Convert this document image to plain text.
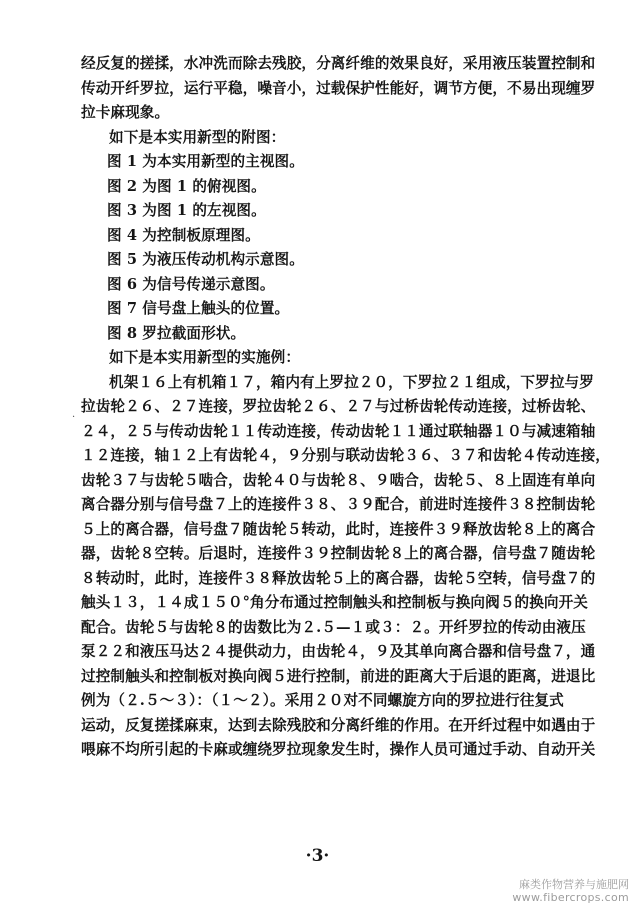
经反复的搓揉，水冲洗而除去残胶，分离纤维的效果良好，采用液压装置控制和
传动开纤罗拉，运行平稳，噪音小，过载保护性能好，调节方便，不易出现缠罗
拉卡麻现象。
如下是本实用新型的附图：
图 1 为本实用新型的主视图。
图 2 为图 1 的俯视图。
图 3 为图 1 的左视图。
图 4 为控制板原理图。
图 5 为液压传动机构示意图。
图 6 为信号传递示意图。
图 7 信号盘上触头的位置。
图 8 罗拉截面形状。
如下是本实用新型的实施例：
机架１６上有机箱１７，箱内有上罗拉２０，下罗拉２１组成，下罗拉与罗
拉齿轮２６、２７连接，罗拉齿轮２６、２７与过桥齿轮传动连接，过桥齿轮、
２４，２５与传动齿轮１１传动连接，传动齿轮１１通过联轴器１０与减速箱轴
１２连接，轴１２上有齿轮４，９分别与联动齿轮３６、３７和齿轮４传动连接，
齿轮３７与齿轮５啮合，齿轮４０与齿轮８、９啮合，齿轮５、８上固连有单向
离合器分别与信号盘７上的连接件３８、３９配合，前进时连接件３８控制齿轮
５上的离合器，信号盘７随齿轮５转动，此时，连接件３９释放齿轮８上的离合
器，齿轮８空转。后退时，连接件３９控制齿轮８上的离合器，信号盘７随齿轮
８转动时，此时，连接件３８释放齿轮５上的离合器，齿轮５空转，信号盘７的
触头１３，１４成１５０°角分布通过控制触头和控制板与换向阀５的换向开关
配合。齿轮５与齿轮８的齿数比为２.５—１或３：２。开纤罗拉的传动由液压
泵２２和液压马达２４提供动力，由齿轮４，９及其单向离合器和信号盘７，通
过控制触头和控制板对换向阀５进行控制，前进的距离大于后退的距离，进退比
例为（２.５～３）：（１～２）。采用２０对不同螺旋方向的罗拉进行往复式
运动，反复搓揉麻束，达到去除残胶和分离纤维的作用。在开纤过程中如遇由于
喂麻不均所引起的卡麻或缠绕罗拉现象发生时，操作人员可通过手动、自动开关
·
·3·
麻类作物营养与施肥网
www.fibercrops.com
